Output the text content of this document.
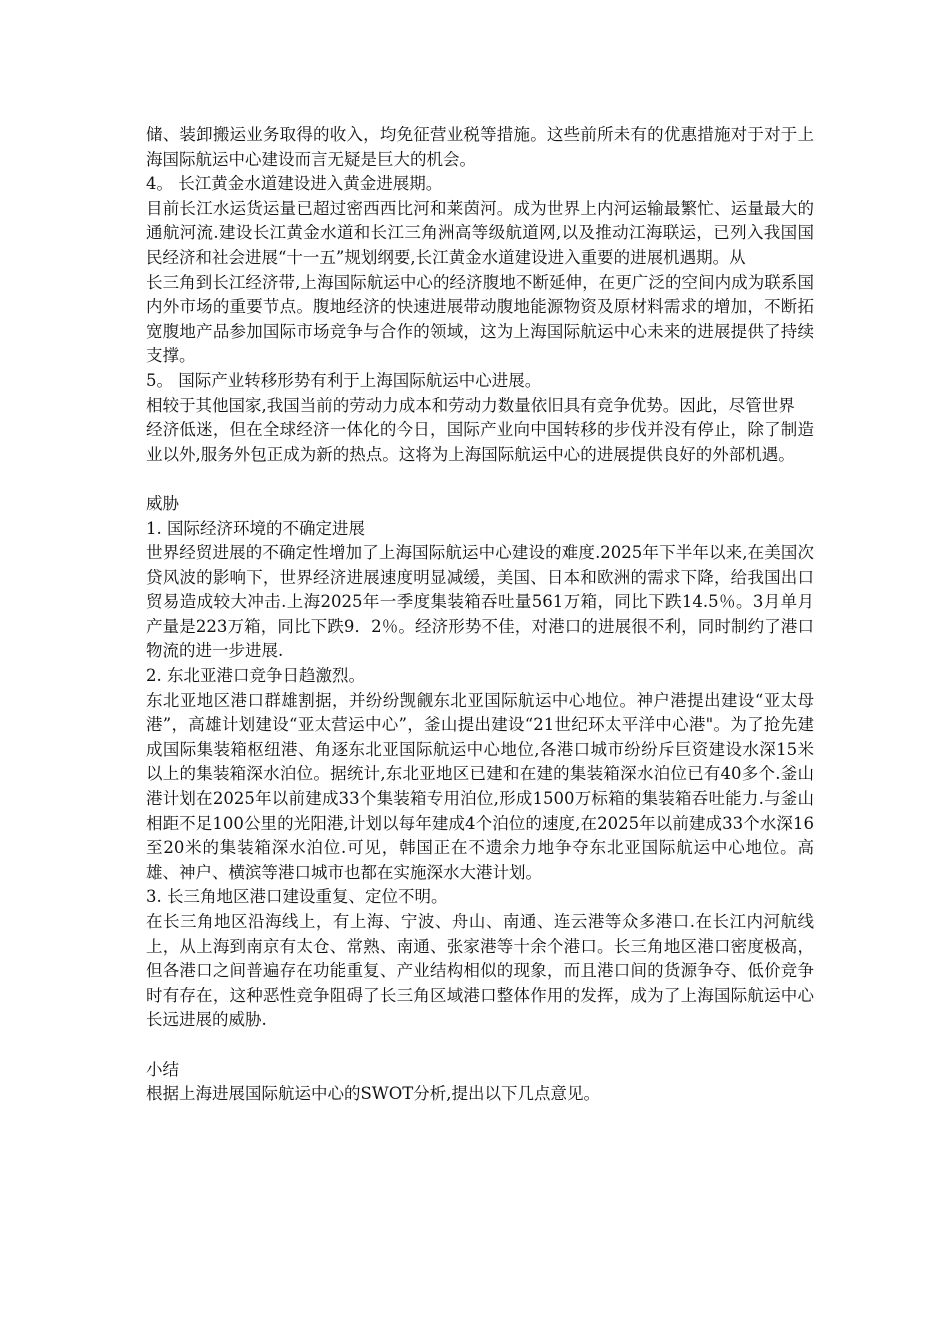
储、装卸搬运业务取得的收入，均免征营业税等措施。这些前所未有的优惠措施对于对于上海国际航运中心建设而言无疑是巨大的机会。

4。 长江黄金水道建设进入黄金进展期。

目前长江水运货运量已超过密西西比河和莱茵河。成为世界上内河运输最繁忙、运量最大的通航河流.建设长江黄金水道和长江三角洲高等级航道网,以及推动江海联运，已列入我国国民经济和社会进展“十一五”规划纲要,长江黄金水道建设进入重要的进展机遇期。从

长三角到长江经济带,上海国际航运中心的经济腹地不断延伸，在更广泛的空间内成为联系国内外市场的重要节点。腹地经济的快速进展带动腹地能源物资及原材料需求的增加，不断拓宽腹地产品参加国际市场竞争与合作的领域，这为上海国际航运中心未来的进展提供了持续支撑。

5。 国际产业转移形势有利于上海国际航运中心进展。

相较于其他国家,我国当前的劳动力成本和劳动力数量依旧具有竞争优势。因此，尽管世界

经济低迷，但在全球经济一体化的今日，国际产业向中国转移的步伐并没有停止，除了制造业以外,服务外包正成为新的热点。这将为上海国际航运中心的进展提供良好的外部机遇。

威胁

1. 国际经济环境的不确定进展

世界经贸进展的不确定性增加了上海国际航运中心建设的难度.2025年下半年以来,在美国次贷风波的影响下，世界经济进展速度明显减缓，美国、日本和欧洲的需求下降，给我国出口贸易造成较大冲击.上海2025年一季度集装箱吞吐量561万箱，同比下跌14.5％。3月单月产量是223万箱，同比下跌9．2％。经济形势不佳，对港口的进展很不利，同时制约了港口物流的进一步进展.

2. 东北亚港口竞争日趋激烈。

东北亚地区港口群雄割据，并纷纷觊觎东北亚国际航运中心地位。神户港提出建设“亚太母港”，高雄计划建设“亚太营运中心”，釜山提出建设“21世纪环太平洋中心港"。为了抢先建成国际集装箱枢纽港、角逐东北亚国际航运中心地位,各港口城市纷纷斥巨资建设水深15米以上的集装箱深水泊位。据统计,东北亚地区已建和在建的集装箱深水泊位已有40多个.釜山港计划在2025年以前建成33个集装箱专用泊位,形成1500万标箱的集装箱吞吐能力.与釜山相距不足100公里的光阳港,计划以每年建成4个泊位的速度,在2025年以前建成33个水深16至20米的集装箱深水泊位.可见，韩国正在不遗余力地争夺东北亚国际航运中心地位。高雄、神户、横滨等港口城市也都在实施深水大港计划。

3. 长三角地区港口建设重复、定位不明。

在长三角地区沿海线上，有上海、宁波、舟山、南通、连云港等众多港口.在长江内河航线上，从上海到南京有太仓、常熟、南通、张家港等十余个港口。长三角地区港口密度极高，但各港口之间普遍存在功能重复、产业结构相似的现象，而且港口间的货源争夺、低价竞争时有存在，这种恶性竞争阻碍了长三角区域港口整体作用的发挥，成为了上海国际航运中心长远进展的威胁.

小结

根据上海进展国际航运中心的SWOT分析,提出以下几点意见。
